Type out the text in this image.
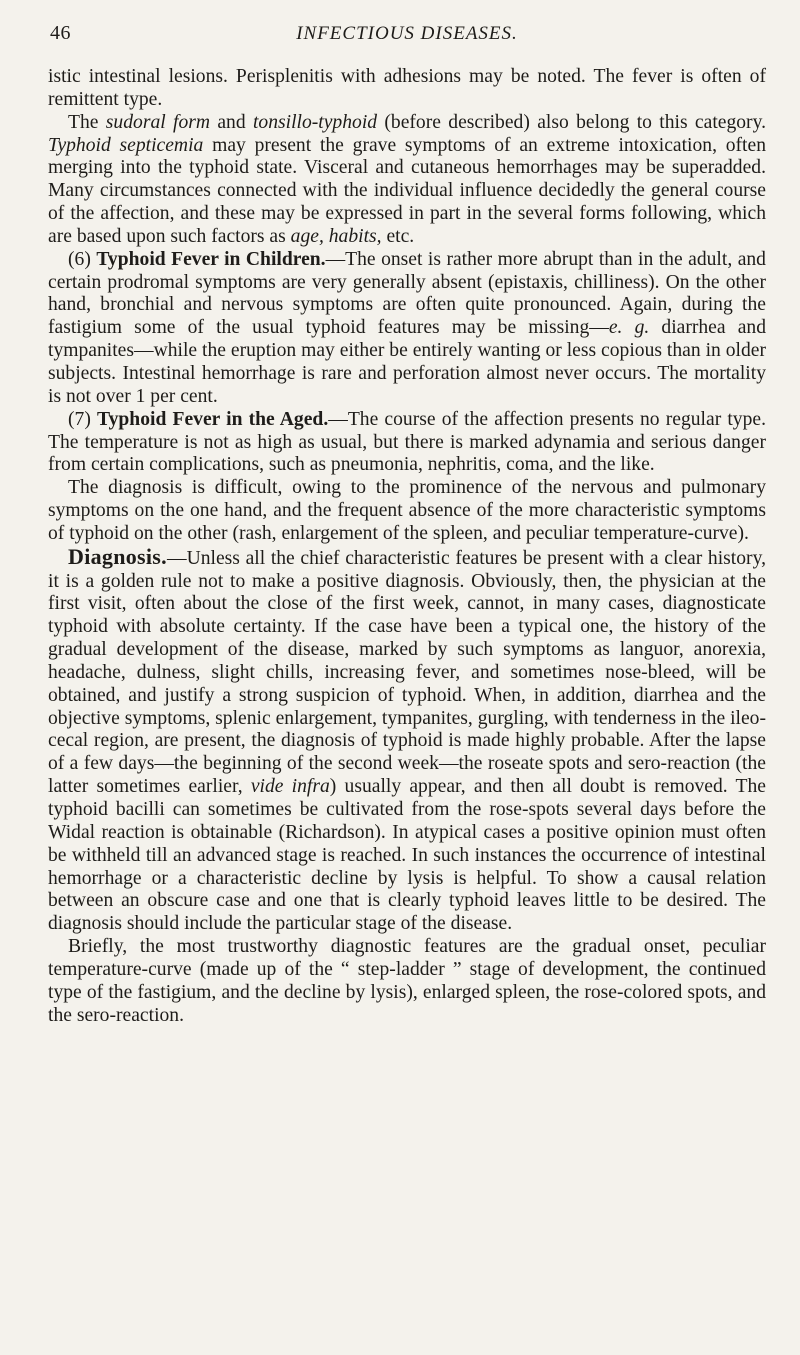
46	INFECTIOUS DISEASES.

istic intestinal lesions. Perisplenitis with adhesions may be noted. The fever is often of remittent type.

The sudoral form and tonsillo-typhoid (before described) also belong to this category. Typhoid septicemia may present the grave symptoms of an extreme intoxication, often merging into the typhoid state. Visceral and cutaneous hemorrhages may be superadded. Many circumstances connected with the individual influence decidedly the general course of the affection, and these may be expressed in part in the several forms following, which are based upon such factors as age, habits, etc.

(6) Typhoid Fever in Children.—The onset is rather more abrupt than in the adult, and certain prodromal symptoms are very generally absent (epistaxis, chilliness). On the other hand, bronchial and nervous symptoms are often quite pronounced. Again, during the fastigium some of the usual typhoid features may be missing—e. g. diarrhea and tympanites—while the eruption may either be entirely wanting or less copious than in older subjects. Intestinal hemorrhage is rare and perforation almost never occurs. The mortality is not over 1 per cent.

(7) Typhoid Fever in the Aged.—The course of the affection presents no regular type. The temperature is not as high as usual, but there is marked adynamia and serious danger from certain complications, such as pneumonia, nephritis, coma, and the like.

The diagnosis is difficult, owing to the prominence of the nervous and pulmonary symptoms on the one hand, and the frequent absence of the more characteristic symptoms of typhoid on the other (rash, enlargement of the spleen, and peculiar temperature-curve).

Diagnosis.—Unless all the chief characteristic features be present with a clear history, it is a golden rule not to make a positive diagnosis. Obviously, then, the physician at the first visit, often about the close of the first week, cannot, in many cases, diagnosticate typhoid with absolute certainty. If the case have been a typical one, the history of the gradual development of the disease, marked by such symptoms as languor, anorexia, headache, dulness, slight chills, increasing fever, and sometimes nose-bleed, will be obtained, and justify a strong suspicion of typhoid. When, in addition, diarrhea and the objective symptoms, splenic enlargement, tympanites, gurgling, with tenderness in the ileo-cecal region, are present, the diagnosis of typhoid is made highly probable. After the lapse of a few days—the beginning of the second week—the roseate spots and sero-reaction (the latter sometimes earlier, vide infra) usually appear, and then all doubt is removed. The typhoid bacilli can sometimes be cultivated from the rose-spots several days before the Widal reaction is obtainable (Richardson). In atypical cases a positive opinion must often be withheld till an advanced stage is reached. In such instances the occurrence of intestinal hemorrhage or a characteristic decline by lysis is helpful. To show a causal relation between an obscure case and one that is clearly typhoid leaves little to be desired. The diagnosis should include the particular stage of the disease.

Briefly, the most trustworthy diagnostic features are the gradual onset, peculiar temperature-curve (made up of the “ step-ladder ” stage of development, the continued type of the fastigium, and the decline by lysis), enlarged spleen, the rose-colored spots, and the sero-reaction.
